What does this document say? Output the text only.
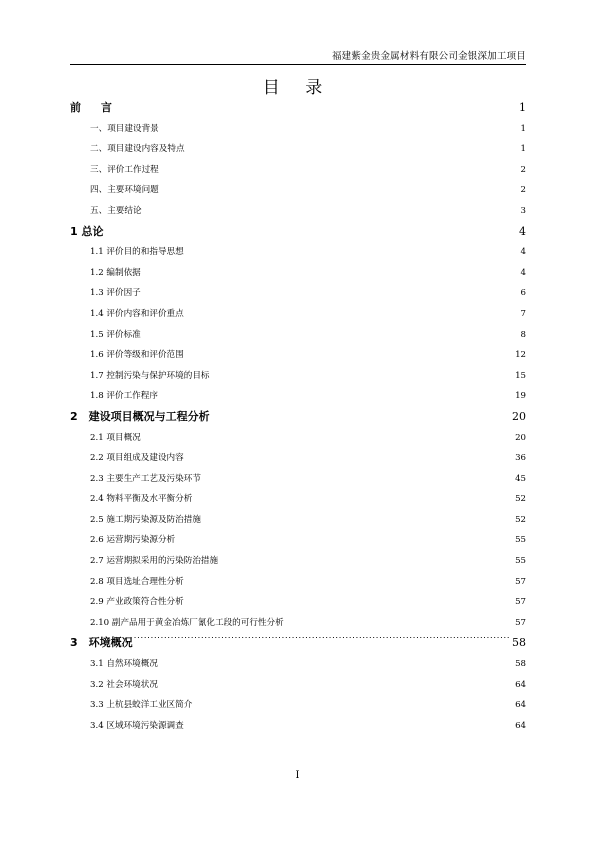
福建紫金贵金属材料有限公司金银深加工项目
目 录
前 言 .....	1
一、项目建设背景 .....	1
二、项目建设内容及特点 .....	1
三、评价工作过程 .....	2
四、主要环境问题 .....	2
五、主要结论 .....	3
1 总论 .....	4
1.1 评价目的和指导思想 .....	4
1.2 编制依据 .....	4
1.3 评价因子 .....	6
1.4 评价内容和评价重点 .....	7
1.5 评价标准 .....	8
1.6 评价等级和评价范围 .....	12
1.7 控制污染与保护环境的目标 .....	15
1.8 评价工作程序 .....	19
2　建设项目概况与工程分析 .....	20
2.1 项目概况 .....	20
2.2 项目组成及建设内容 .....	36
2.3 主要生产工艺及污染环节 .....	45
2.4 物料平衡及水平衡分析 .....	52
2.5 施工期污染源及防治措施 .....	52
2.6 运营期污染源分析 .....	55
2.7 运营期拟采用的污染防治措施 .....	55
2.8 项目选址合理性分析 .....	57
2.9 产业政策符合性分析 .....	57
2.10 副产品用于黄金冶炼厂氰化工段的可行性分析 .....	57
3　环境概况 .....	58
3.1 自然环境概况 .....	58
3.2 社会环境状况 .....	64
3.3 上杭县蛟洋工业区简介 .....	64
3.4 区域环境污染源调查 .....	64
I
